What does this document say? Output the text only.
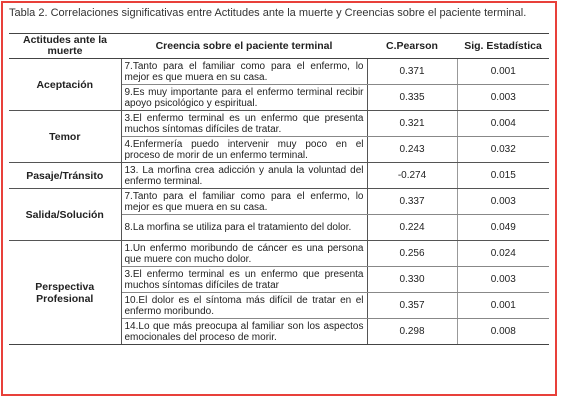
Tabla 2. Correlaciones significativas entre Actitudes ante la muerte y Creencias sobre el paciente terminal.
Actitudes ante la muerte	Creencia sobre el paciente terminal	C.Pearson	Sig. Estadística
Aceptación	7.Tanto para el familiar como para el enfermo, lo mejor es que muera en su casa.	0.371	0.001
	9.Es muy importante para el enfermo terminal recibir apoyo psicológico y espiritual.	0.335	0.003
Temor	3.El enfermo terminal es un enfermo que presenta muchos síntomas difíciles de tratar.	0.321	0.004
	4.Enfermería puedo intervenir muy poco en el proceso de morir de un enfermo terminal.	0.243	0.032
Pasaje/Tránsito	13. La morfina crea adicción y anula la voluntad del enfermo terminal.	-0.274	0.015
Salida/Solución	7.Tanto para el familiar como para el enfermo, lo mejor es que muera en su casa.	0.337	0.003
	8.La morfina se utiliza para el tratamiento del dolor.	0.224	0.049
Perspectiva Profesional	1.Un enfermo moribundo de cáncer es una persona que muere con mucho dolor.	0.256	0.024
	3.El enfermo terminal es un enfermo que presenta muchos síntomas difíciles de tratar	0.330	0.003
	10.El dolor es el síntoma más difícil de tratar en el enfermo moribundo.	0.357	0.001
	14.Lo que más preocupa al familiar son los aspectos emocionales del proceso de morir.	0.298	0.008
